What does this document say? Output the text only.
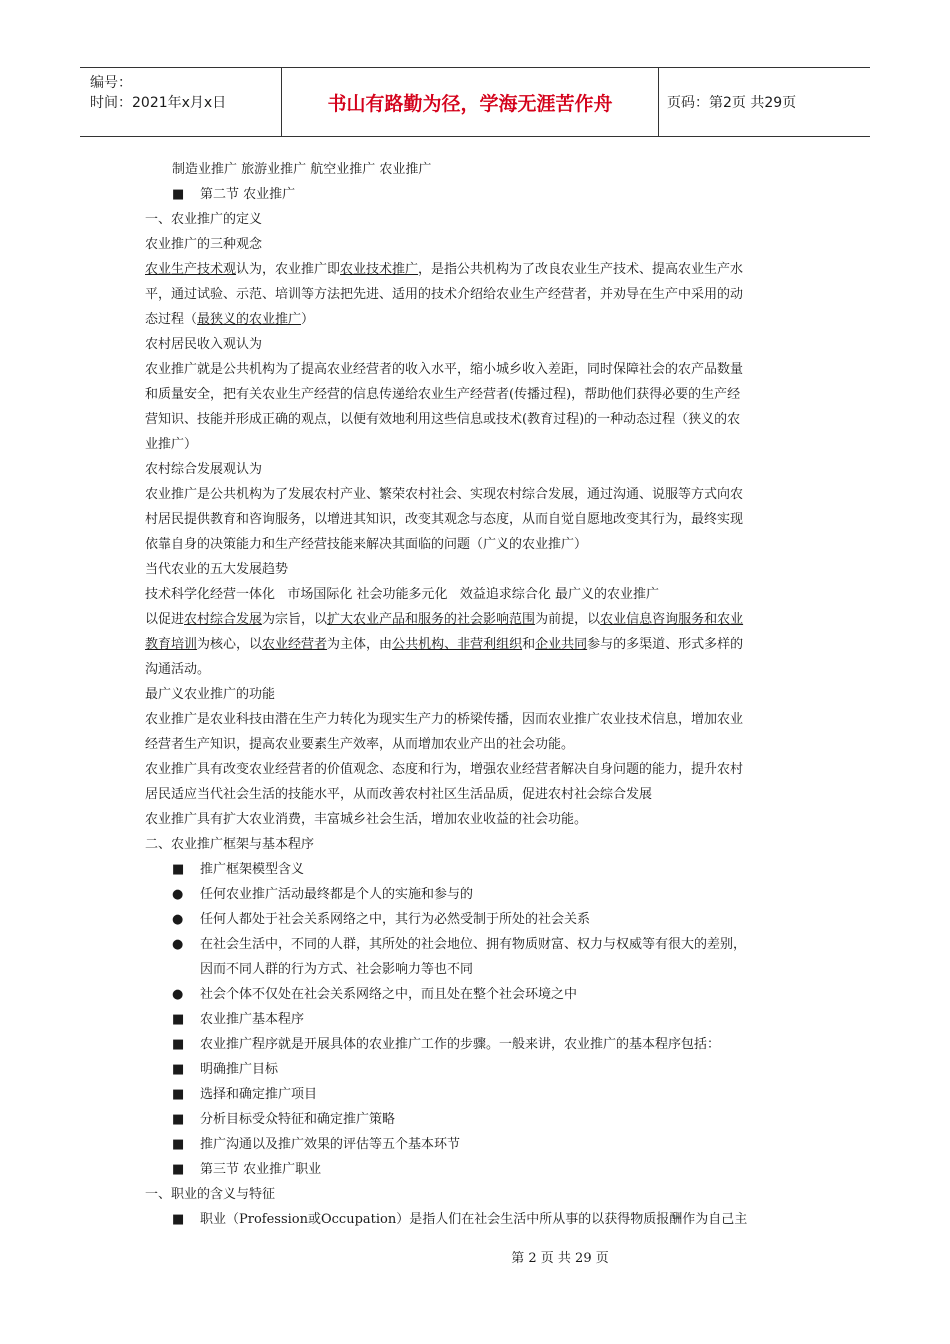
编号：
时间：2021年x月x日	书山有路勤为径，学海无涯苦作舟	页码：第2页 共29页
制造业推广 旅游业推广 航空业推广 农业推广
■ 第二节 农业推广
一、农业推广的定义
农业推广的三种观念
农业生产技术观认为，农业推广即农业技术推广，是指公共机构为了改良农业生产技术、提高农业生产水
平，通过试验、示范、培训等方法把先进、适用的技术介绍给农业生产经营者，并劝导在生产中采用的动
态过程（最狭义的农业推广）
农村居民收入观认为
农业推广就是公共机构为了提高农业经营者的收入水平，缩小城乡收入差距，同时保障社会的农产品数量
和质量安全，把有关农业生产经营的信息传递给农业生产经营者(传播过程)，帮助他们获得必要的生产经
营知识、技能并形成正确的观点，以便有效地利用这些信息或技术(教育过程)的一种动态过程（狭义的农
业推广）
农村综合发展观认为
农业推广是公共机构为了发展农村产业、繁荣农村社会、实现农村综合发展，通过沟通、说服等方式向农
村居民提供教育和咨询服务，以增进其知识，改变其观念与态度，从而自觉自愿地改变其行为，最终实现
依靠自身的决策能力和生产经营技能来解决其面临的问题（广义的农业推广）
当代农业的五大发展趋势
技术科学化经营一体化   市场国际化 社会功能多元化   效益追求综合化 最广义的农业推广
以促进农村综合发展为宗旨，以扩大农业产品和服务的社会影响范围为前提，以农业信息咨询服务和农业
教育培训为核心，以农业经营者为主体，由公共机构、非营利组织和企业共同参与的多渠道、形式多样的
沟通活动。
最广义农业推广的功能
农业推广是农业科技由潜在生产力转化为现实生产力的桥梁传播，因而农业推广农业技术信息，增加农业
经营者生产知识，提高农业要素生产效率，从而增加农业产出的社会功能。
农业推广具有改变农业经营者的价值观念、态度和行为，增强农业经营者解决自身问题的能力，提升农村
居民适应当代社会生活的技能水平，从而改善农村社区生活品质，促进农村社会综合发展
农业推广具有扩大农业消费，丰富城乡社会生活，增加农业收益的社会功能。
二、农业推广框架与基本程序
■ 推广框架模型含义
● 任何农业推广活动最终都是个人的实施和参与的
● 任何人都处于社会关系网络之中，其行为必然受制于所处的社会关系
● 在社会生活中，不同的人群，其所处的社会地位、拥有物质财富、权力与权威等有很大的差别，
因而不同人群的行为方式、社会影响力等也不同
● 社会个体不仅处在社会关系网络之中，而且处在整个社会环境之中
■ 农业推广基本程序
■ 农业推广程序就是开展具体的农业推广工作的步骤。一般来讲，农业推广的基本程序包括：
■ 明确推广目标
■ 选择和确定推广项目
■ 分析目标受众特征和确定推广策略
■ 推广沟通以及推广效果的评估等五个基本环节
■ 第三节 农业推广职业
一、职业的含义与特征
■ 职业（Profession或Occupation）是指人们在社会生活中所从事的以获得物质报酬作为自己主
第 2 页 共 29 页
